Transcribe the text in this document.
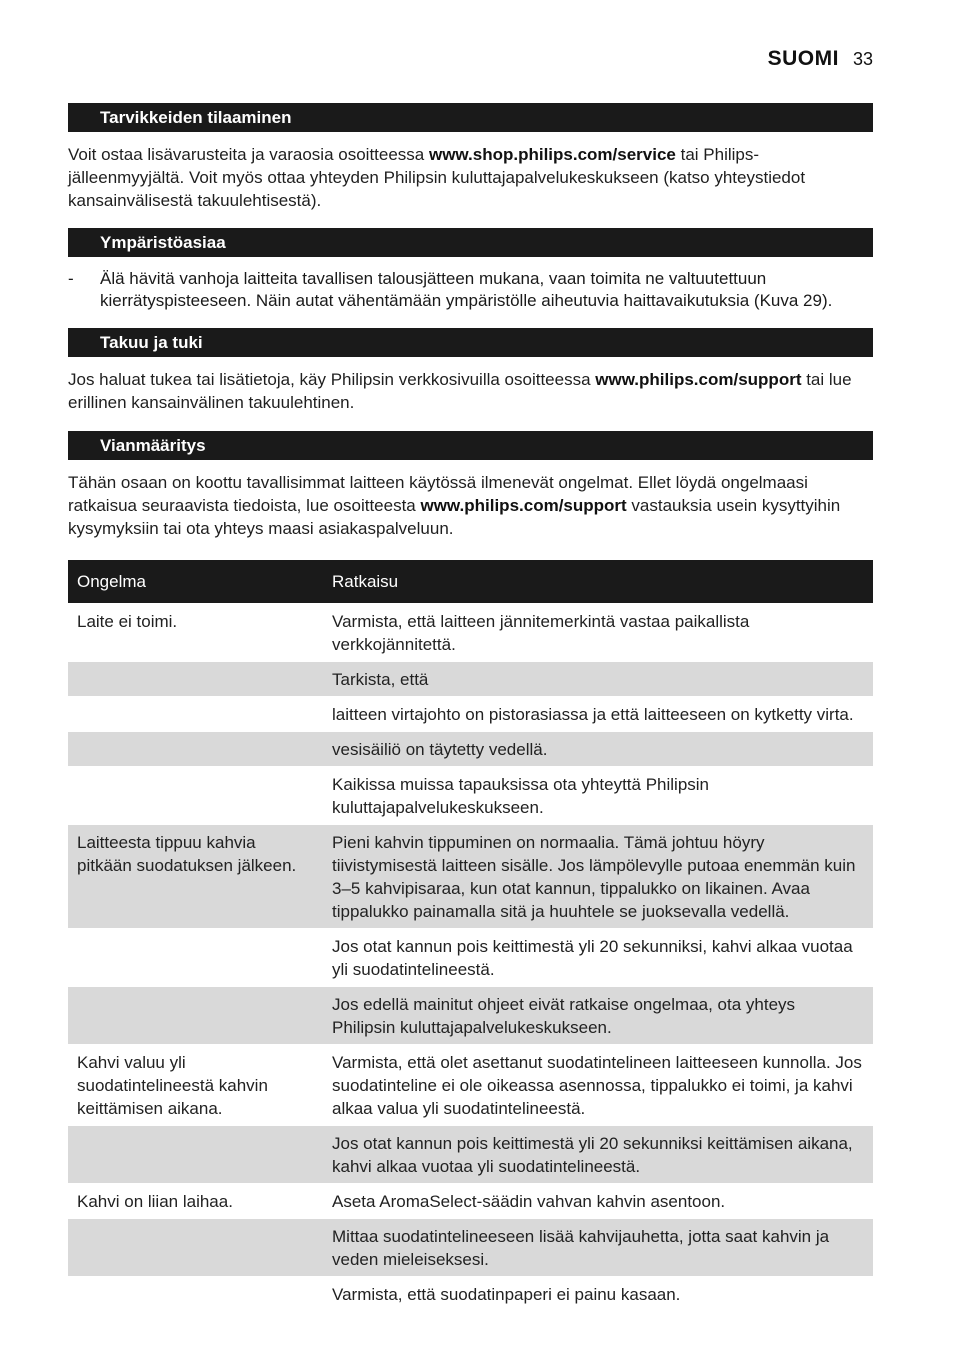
SUOMI 33
Tarvikkeiden tilaaminen

Voit ostaa lisävarusteita ja varaosia osoitteessa www.shop.philips.com/service tai Philips-jälleenmyyjältä. Voit myös ottaa yhteyden Philipsin kuluttajapalvelukeskukseen (katso yhteystiedot kansainvälisestä takuulehtisestä).

Ympäristöasiaa
-	Älä hävitä vanhoja laitteita tavallisen talousjätteen mukana, vaan toimita ne valtuutettuun kierrätyspisteeseen. Näin autat vähentämään ympäristölle aiheutuvia haittavaikutuksia (Kuva 29).
Takuu ja tuki

Jos haluat tukea tai lisätietoja, käy Philipsin verkkosivuilla osoitteessa www.philips.com/support tai lue erillinen kansainvälinen takuulehtinen.

Vianmääritys

Tähän osaan on koottu tavallisimmat laitteen käytössä ilmenevät ongelmat. Ellet löydä ongelmaasi ratkaisua seuraavista tiedoista, lue osoitteesta www.philips.com/support vastauksia usein kysyttyihin kysymyksiin tai ota yhteys maasi asiakaspalveluun.

Ongelma	Ratkaisu
Laite ei toimi.	Varmista, että laitteen jännitemerkintä vastaa paikallista verkkojännitettä.
	Tarkista, että
	laitteen virtajohto on pistorasiassa ja että laitteeseen on kytketty virta.
	vesisäiliö on täytetty vedellä.
	Kaikissa muissa tapauksissa ota yhteyttä Philipsin kuluttajapalvelukeskukseen.
Laitteesta tippuu kahvia pitkään suodatuksen jälkeen.	Pieni kahvin tippuminen on normaalia. Tämä johtuu höyry tiivistymisestä laitteen sisälle. Jos lämpölevylle putoaa enemmän kuin 3–5 kahvipisaraa, kun otat kannun, tippalukko on likainen. Avaa tippalukko painamalla sitä ja huuhtele se juoksevalla vedellä.
	Jos otat kannun pois keittimestä yli 20 sekunniksi, kahvi alkaa vuotaa yli suodatintelineestä.
	Jos edellä mainitut ohjeet eivät ratkaise ongelmaa, ota yhteys Philipsin kuluttajapalvelukeskukseen.
Kahvi valuu yli suodatintelineestä kahvin keittämisen aikana.	Varmista, että olet asettanut suodatintelineen laitteeseen kunnolla. Jos suodatinteline ei ole oikeassa asennossa, tippalukko ei toimi, ja kahvi alkaa valua yli suodatintelineestä.
	Jos otat kannun pois keittimestä yli 20 sekunniksi keittämisen aikana, kahvi alkaa vuotaa yli suodatintelineestä.
Kahvi on liian laihaa.	Aseta AromaSelect-säädin vahvan kahvin asentoon.
	Mittaa suodatintelineeseen lisää kahvijauhetta, jotta saat kahvin ja veden mieleiseksesi.
	Varmista, että suodatinpaperi ei painu kasaan.
